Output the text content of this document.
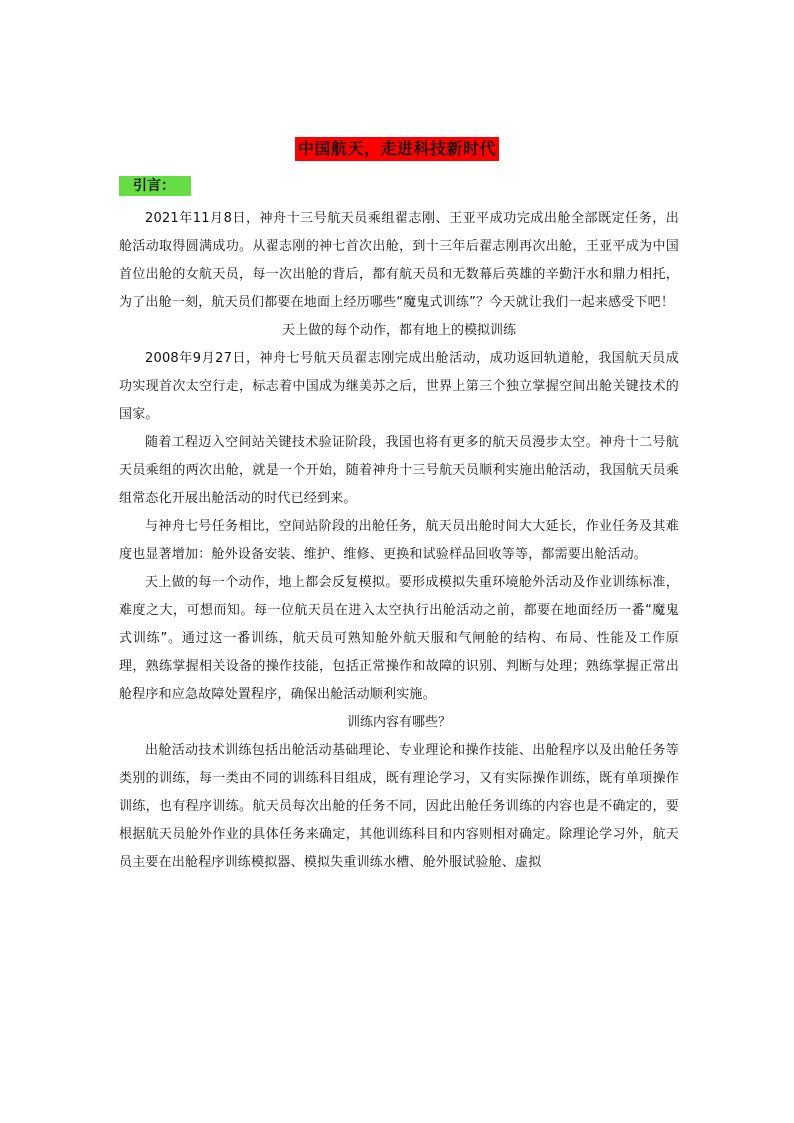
中国航天，走进科技新时代
引言：

2021年11月8日，神舟十三号航天员乘组翟志刚、王亚平成功完成出舱全部既定任务，出舱活动取得圆满成功。从翟志刚的神七首次出舱，到十三年后翟志刚再次出舱，王亚平成为中国首位出舱的女航天员，每一次出舱的背后，都有航天员和无数幕后英雄的辛勤汗水和鼎力相托，为了出舱一刻，航天员们都要在地面上经历哪些“魔鬼式训练”？今天就让我们一起来感受下吧！

天上做的每个动作，都有地上的模拟训练

2008年9月27日，神舟七号航天员翟志刚完成出舱活动，成功返回轨道舱，我国航天员成功实现首次太空行走，标志着中国成为继美苏之后，世界上第三个独立掌握空间出舱关键技术的国家。

随着工程迈入空间站关键技术验证阶段，我国也将有更多的航天员漫步太空。神舟十二号航天员乘组的两次出舱，就是一个开始，随着神舟十三号航天员顺利实施出舱活动，我国航天员乘组常态化开展出舱活动的时代已经到来。

与神舟七号任务相比，空间站阶段的出舱任务，航天员出舱时间大大延长，作业任务及其难度也显著增加：舱外设备安装、维护、维修、更换和试验样品回收等等，都需要出舱活动。

天上做的每一个动作，地上都会反复模拟。要形成模拟失重环境舱外活动及作业训练标准，难度之大，可想而知。每一位航天员在进入太空执行出舱活动之前，都要在地面经历一番“魔鬼式训练”。通过这一番训练，航天员可熟知舱外航天服和气闸舱的结构、布局、性能及工作原理，熟练掌握相关设备的操作技能，包括正常操作和故障的识别、判断与处理；熟练掌握正常出舱程序和应急故障处置程序，确保出舱活动顺利实施。

训练内容有哪些？

出舱活动技术训练包括出舱活动基础理论、专业理论和操作技能、出舱程序以及出舱任务等类别的训练，每一类由不同的训练科目组成，既有理论学习，又有实际操作训练，既有单项操作训练，也有程序训练。航天员每次出舱的任务不同，因此出舱任务训练的内容也是不确定的，要根据航天员舱外作业的具体任务来确定，其他训练科目和内容则相对确定。除理论学习外，航天员主要在出舱程序训练模拟器、模拟失重训练水槽、舱外服试验舱、虚拟
